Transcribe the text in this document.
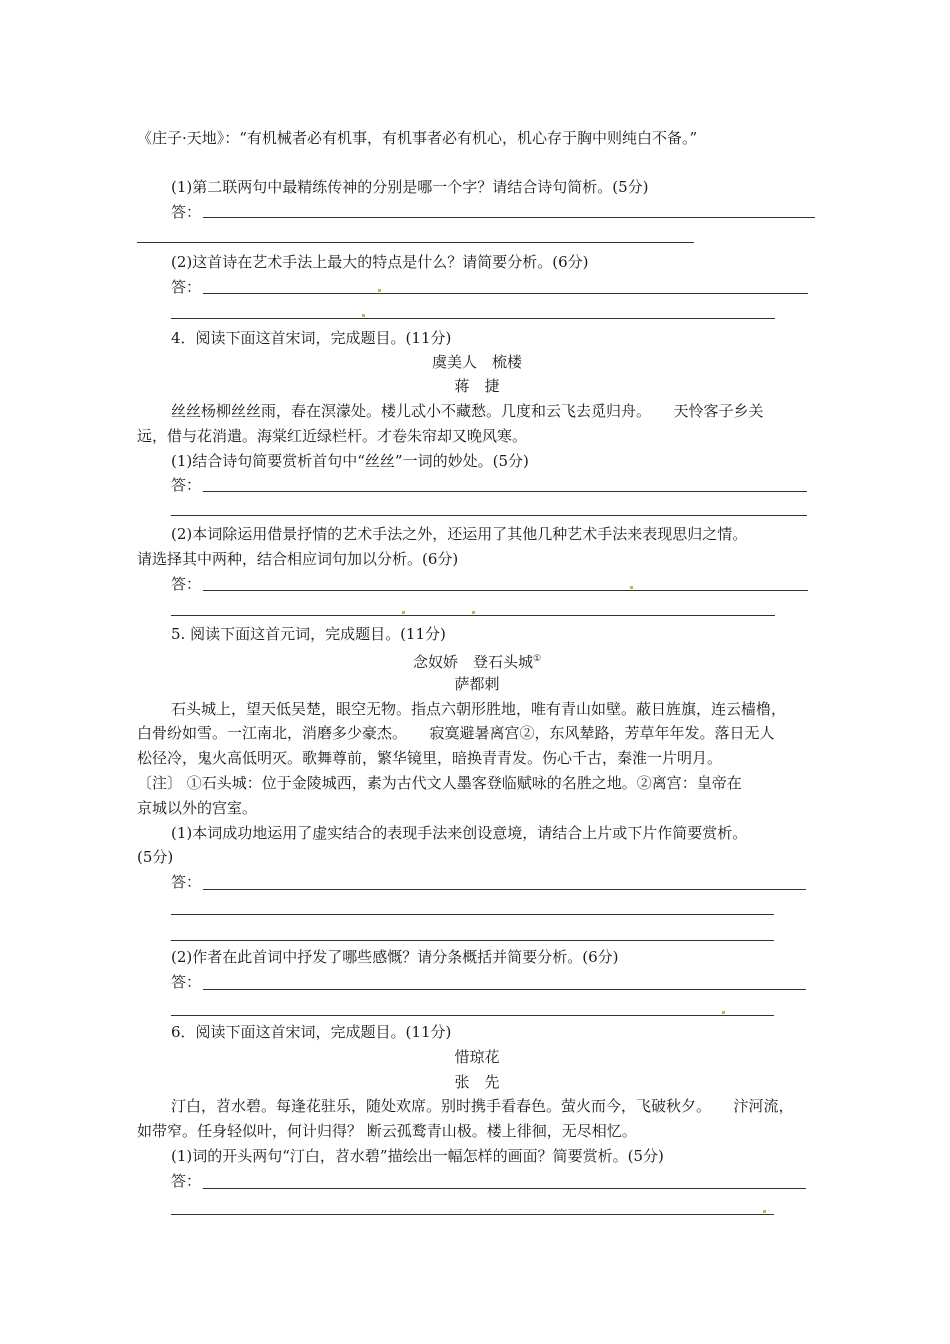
《庄子·天地》：“有机械者必有机事，有机事者必有机心，机心存于胸中则纯白不备。”
(1)第二联两句中最精练传神的分别是哪一个字？请结合诗句简析。(5分)
答：
(2)这首诗在艺术手法上最大的特点是什么？请简要分析。(6分)
答：
4．阅读下面这首宋词，完成题目。(11分)
虞美人　梳楼
蒋　捷
丝丝杨柳丝丝雨，春在溟濛处。楼儿忒小不藏愁。几度和云飞去觅归舟。　　天怜客子乡关
远，借与花消遣。海棠红近绿栏杆。才卷朱帘却又晚风寒。
(1)结合诗句简要赏析首句中“丝丝”一词的妙处。(5分)
答：
(2)本词除运用借景抒情的艺术手法之外，还运用了其他几种艺术手法来表现思归之情。
请选择其中两种，结合相应词句加以分析。(6分)
答：
5. 阅读下面这首元词，完成题目。(11分)
念奴娇　登石头城①
萨都剌
石头城上，望天低吴楚，眼空无物。指点六朝形胜地，唯有青山如壁。蔽日旌旗，连云樯橹，
白骨纷如雪。一江南北，消磨多少豪杰。　　寂寞避暑离宫②，东风辇路，芳草年年发。落日无人
松径冷，鬼火高低明灭。歌舞尊前，繁华镜里，暗换青青发。伤心千古，秦淮一片明月。
〔注〕 ①石头城：位于金陵城西，素为古代文人墨客登临赋咏的名胜之地。②离宫：皇帝在
京城以外的宫室。
(1)本词成功地运用了虚实结合的表现手法来创设意境，请结合上片或下片作简要赏析。
(5分)
答：
(2)作者在此首词中抒发了哪些感慨？请分条概括并简要分析。(6分)
答：
6．阅读下面这首宋词，完成题目。(11分)
惜琼花
张　先
汀白，苕水碧。每逢花驻乐，随处欢席。别时携手看春色。萤火而今，飞破秋夕。　　汴河流，
如带窄。任身轻似叶，何计归得？ 断云孤鹜青山极。楼上徘徊，无尽相忆。
(1)词的开头两句“汀白，苕水碧”描绘出一幅怎样的画面？简要赏析。(5分)
答：
